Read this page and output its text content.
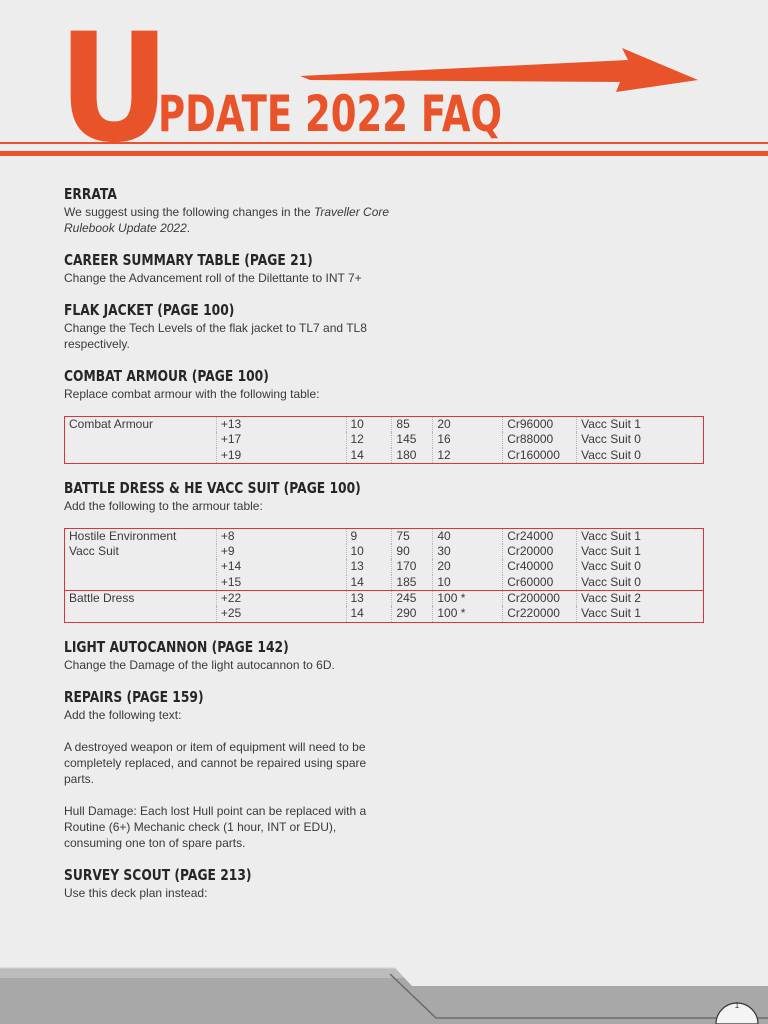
U
PDATE 2022 FAQ
ERRATA
We suggest using the following changes in the Traveller Core Rulebook Update 2022.
CAREER SUMMARY TABLE (PAGE 21)
Change the Advancement roll of the Dilettante to INT 7+
FLAK JACKET (PAGE 100)
Change the Tech Levels of the flak jacket to TL7 and TL8 respectively.
COMBAT ARMOUR (PAGE 100)
Replace combat armour with the following table:
Combat Armour	+13	10	85	20	Cr96000	Vacc Suit 1
	+17	12	145	16	Cr88000	Vacc Suit 0
	+19	14	180	12	Cr160000	Vacc Suit 0
BATTLE DRESS & HE VACC SUIT (PAGE 100)
Add the following to the armour table:
Hostile Environment	+8	9	75	40	Cr24000	Vacc Suit 1
Vacc Suit	+9	10	90	30	Cr20000	Vacc Suit 1
	+14	13	170	20	Cr40000	Vacc Suit 0
	+15	14	185	10	Cr60000	Vacc Suit 0
Battle Dress	+22	13	245	100 *	Cr200000	Vacc Suit 2
	+25	14	290	100 *	Cr220000	Vacc Suit 1
LIGHT AUTOCANNON (PAGE 142)
Change the Damage of the light autocannon to 6D.
REPAIRS (PAGE 159)
Add the following text:
A destroyed weapon or item of equipment will need to be completely replaced, and cannot be repaired using spare parts.
Hull Damage: Each lost Hull point can be replaced with a Routine (6+) Mechanic check (1 hour, INT or EDU), consuming one ton of spare parts.
SURVEY SCOUT (PAGE 213)
Use this deck plan instead:
1
